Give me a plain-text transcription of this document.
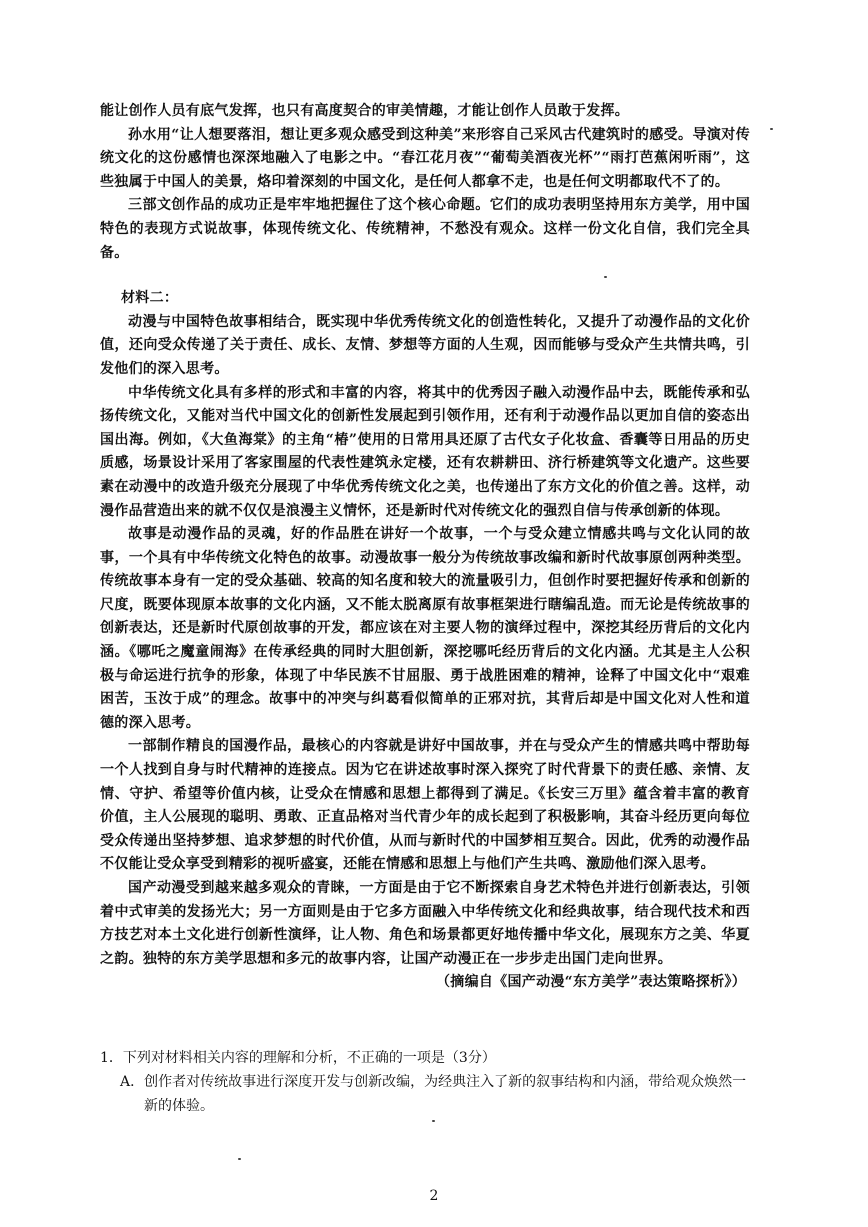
能让创作人员有底气发挥，也只有高度契合的审美情趣，才能让创作人员敢于发挥。

孙水用“让人想要落泪，想让更多观众感受到这种美”来形容自己采风古代建筑时的感受。导演对传统文化的这份感情也深深地融入了电影之中。“春江花月夜”“葡萄美酒夜光杯”“雨打芭蕉闲听雨”，这些独属于中国人的美景，烙印着深刻的中国文化，是任何人都拿不走，也是任何文明都取代不了的。

三部文创作品的成功正是牢牢地把握住了这个核心命题。它们的成功表明坚持用东方美学，用中国特色的表现方式说故事，体现传统文化、传统精神，不愁没有观众。这样一份文化自信，我们完全具备。

材料二：

动漫与中国特色故事相结合，既实现中华优秀传统文化的创造性转化，又提升了动漫作品的文化价值，还向受众传递了关于责任、成长、友情、梦想等方面的人生观，因而能够与受众产生共情共鸣，引发他们的深入思考。

中华传统文化具有多样的形式和丰富的内容，将其中的优秀因子融入动漫作品中去，既能传承和弘扬传统文化，又能对当代中国文化的创新性发展起到引领作用，还有利于动漫作品以更加自信的姿态出国出海。例如，《大鱼海棠》的主角“椿”使用的日常用具还原了古代女子化妆盒、香囊等日用品的历史质感，场景设计采用了客家围屋的代表性建筑永定楼，还有农耕耕田、济行桥建筑等文化遗产。这些要素在动漫中的改造升级充分展现了中华优秀传统文化之美，也传递出了东方文化的价值之善。这样，动漫作品营造出来的就不仅仅是浪漫主义情怀，还是新时代对传统文化的强烈自信与传承创新的体现。

故事是动漫作品的灵魂，好的作品胜在讲好一个故事，一个与受众建立情感共鸣与文化认同的故事，一个具有中华传统文化特色的故事。动漫故事一般分为传统故事改编和新时代故事原创两种类型。传统故事本身有一定的受众基础、较高的知名度和较大的流量吸引力，但创作时要把握好传承和创新的尺度，既要体现原本故事的文化内涵，又不能太脱离原有故事框架进行瞎编乱造。而无论是传统故事的创新表达，还是新时代原创故事的开发，都应该在对主要人物的演绎过程中，深挖其经历背后的文化内涵。《哪吒之魔童闹海》在传承经典的同时大胆创新，深挖哪吒经历背后的文化内涵。尤其是主人公积极与命运进行抗争的形象，体现了中华民族不甘屈服、勇于战胜困难的精神，诠释了中国文化中“艰难困苦，玉汝于成”的理念。故事中的冲突与纠葛看似简单的正邪对抗，其背后却是中国文化对人性和道德的深入思考。

一部制作精良的国漫作品，最核心的内容就是讲好中国故事，并在与受众产生的情感共鸣中帮助每一个人找到自身与时代精神的连接点。因为它在讲述故事时深入探究了时代背景下的责任感、亲情、友情、守护、希望等价值内核，让受众在情感和思想上都得到了满足。《长安三万里》蕴含着丰富的教育价值，主人公展现的聪明、勇敢、正直品格对当代青少年的成长起到了积极影响，其奋斗经历更向每位受众传递出坚持梦想、追求梦想的时代价值，从而与新时代的中国梦相互契合。因此，优秀的动漫作品不仅能让受众享受到精彩的视听盛宴，还能在情感和思想上与他们产生共鸣、激励他们深入思考。

国产动漫受到越来越多观众的青睐，一方面是由于它不断探索自身艺术特色并进行创新表达，引领着中式审美的发扬光大；另一方面则是由于它多方面融入中华传统文化和经典故事，结合现代技术和西方技艺对本土文化进行创新性演绎，让人物、角色和场景都更好地传播中华文化，展现东方之美、华夏之韵。独特的东方美学思想和多元的故事内容，让国产动漫正在一步步走出国门走向世界。

（摘编自《国产动漫“东方美学”表达策略探析》）

1．下列对材料相关内容的理解和分析，不正确的一项是（3分）

A．创作者对传统故事进行深度开发与创新改编，为经典注入了新的叙事结构和内涵，带给观众焕然一新的体验。

2
